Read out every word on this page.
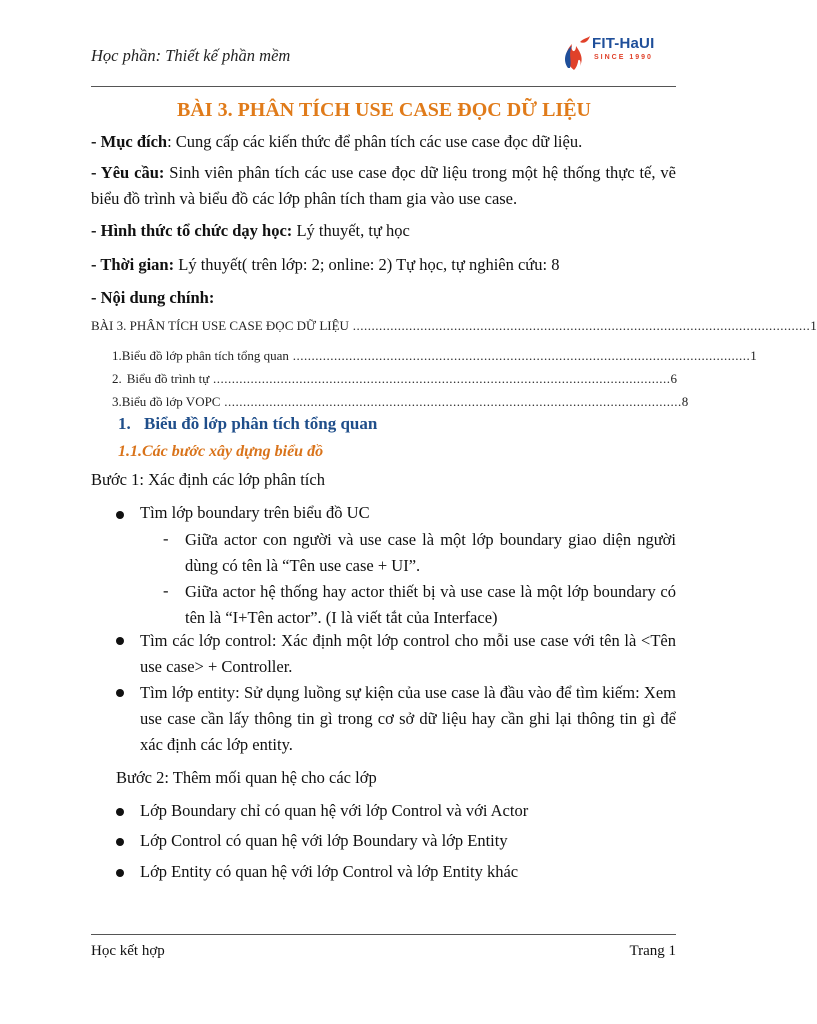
Học phần: Thiết kế phần mềm
FIT-HaUI
SINCE 1990
BÀI 3. PHÂN TÍCH USE CASE ĐỌC DỮ LIỆU
- Mục đích: Cung cấp các kiến thức để phân tích các use case đọc dữ liệu.
- Yêu cầu: Sinh viên phân tích các use case đọc dữ liệu trong một hệ thống thực tế, vẽ biểu đồ trình và biểu đồ các lớp phân tích tham gia vào use case.
- Hình thức tổ chức dạy học: Lý thuyết, tự học
- Thời gian: Lý thuyết( trên lớp: 2; online: 2) Tự học, tự nghiên cứu: 8
- Nội dung chính:
BÀI 3. PHÂN TÍCH USE CASE ĐỌC DỮ LIỆU .......................................................................................................................... 1
1. Biểu đồ lớp phân tích tổng quan .......................................................................................................................... 1
2. Biểu đồ trình tự .......................................................................................................................... 6
3. Biểu đồ lớp VOPC .......................................................................................................................... 8
1. Biểu đồ lớp phân tích tổng quan
1.1.Các bước xây dựng biểu đồ
Bước 1: Xác định các lớp phân tích
Tìm lớp boundary trên biểu đồ UC
- Giữa actor con người và use case là một lớp boundary giao diện người dùng có tên là “Tên use case + UI”.
- Giữa actor hệ thống hay actor thiết bị và use case là một lớp boundary có tên là “I+Tên actor”. (I là viết tắt của Interface)
Tìm các lớp control: Xác định một lớp control cho mỗi use case với tên là <Tên use case> + Controller.
Tìm lớp entity: Sử dụng luồng sự kiện của use case là đầu vào để tìm kiếm: Xem use case cần lấy thông tin gì trong cơ sở dữ liệu hay cần ghi lại thông tin gì để xác định các lớp entity.
Bước 2: Thêm mối quan hệ cho các lớp
Lớp Boundary chỉ có quan hệ với lớp Control và với Actor
Lớp Control có quan hệ với lớp Boundary và lớp Entity
Lớp Entity có quan hệ với lớp Control và lớp Entity khác
Học kết hợp	Trang 1
